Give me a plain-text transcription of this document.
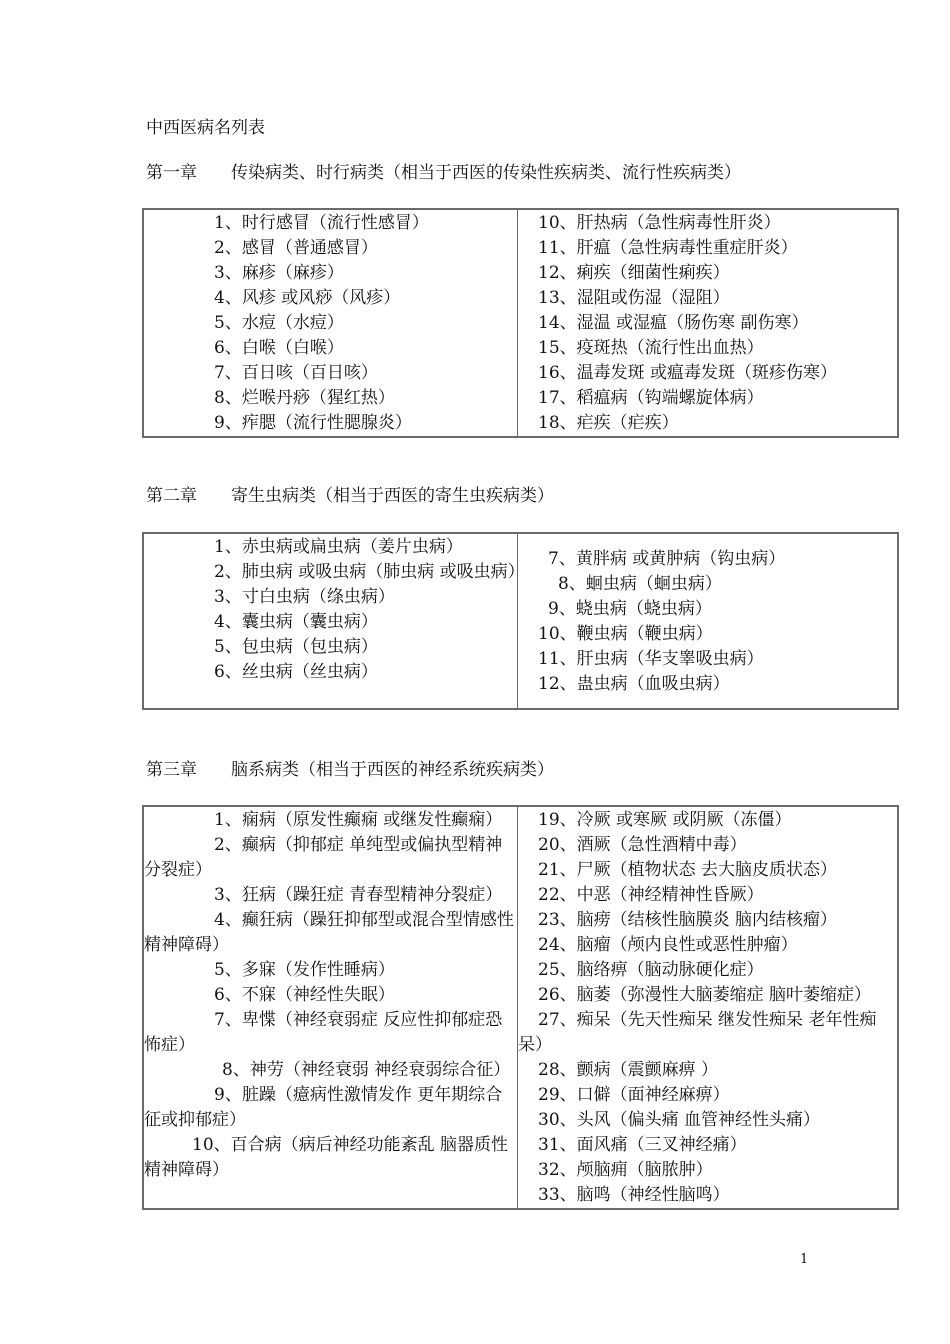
中西医病名列表
第一章 传染病类、时行病类（相当于西医的传染性疾病类、流行性疾病类）
1、时行感冒（流行性感冒）
2、感冒（普通感冒）
3、麻疹（麻疹）
4、风疹 或风痧（风疹）
5、水痘（水痘）
6、白喉（白喉）
7、百日咳（百日咳）
8、烂喉丹痧（猩红热）
9、痄腮（流行性腮腺炎）

10、肝热病（急性病毒性肝炎）
11、肝瘟（急性病毒性重症肝炎）
12、痢疾（细菌性痢疾）
13、湿阻或伤湿（湿阻）
14、湿温 或湿瘟（肠伤寒 副伤寒）
15、疫斑热（流行性出血热）
16、温毒发斑 或瘟毒发斑（斑疹伤寒）
17、稻瘟病（钩端螺旋体病）
18、疟疾（疟疾）
第二章 寄生虫病类（相当于西医的寄生虫疾病类）
1、赤虫病或扁虫病（姜片虫病）
2、肺虫病 或吸虫病（肺虫病 或吸虫病）
3、寸白虫病（绦虫病）
4、囊虫病（囊虫病）
5、包虫病（包虫病）
6、丝虫病（丝虫病）

7、黄胖病 或黄肿病（钩虫病）
8、蛔虫病（蛔虫病）
9、蛲虫病（蛲虫病）
10、鞭虫病（鞭虫病）
11、肝虫病（华支睾吸虫病）
12、蛊虫病（血吸虫病）
第三章 脑系病类（相当于西医的神经系统疾病类）
1、痫病（原发性癫痫 或继发性癫痫）
2、癫病（抑郁症 单纯型或偏执型精神分裂症）
3、狂病（躁狂症 青春型精神分裂症）
4、癫狂病（躁狂抑郁型或混合型情感性精神障碍）
5、多寐（发作性睡病）
6、不寐（神经性失眠）
7、卑惵（神经衰弱症 反应性抑郁症恐怖症）
8、神劳（神经衰弱 神经衰弱综合征）
9、脏躁（癔病性激情发作 更年期综合征或抑郁症）
10、百合病（病后神经功能紊乱 脑器质性精神障碍）

19、冷厥 或寒厥 或阴厥（冻僵）
20、酒厥（急性酒精中毒）
21、尸厥（植物状态 去大脑皮质状态）
22、中恶（神经精神性昏厥）
23、脑痨（结核性脑膜炎 脑内结核瘤）
24、脑瘤（颅内良性或恶性肿瘤）
25、脑络痹（脑动脉硬化症）
26、脑萎（弥漫性大脑萎缩症 脑叶萎缩症）
27、痴呆（先天性痴呆 继发性痴呆 老年性痴呆）
28、颤病（震颤麻痹 ）
29、口僻（面神经麻痹）
30、头风（偏头痛 血管神经性头痛）
31、面风痛（三叉神经痛）
32、颅脑痈（脑脓肿）
33、脑鸣（神经性脑鸣）
1
